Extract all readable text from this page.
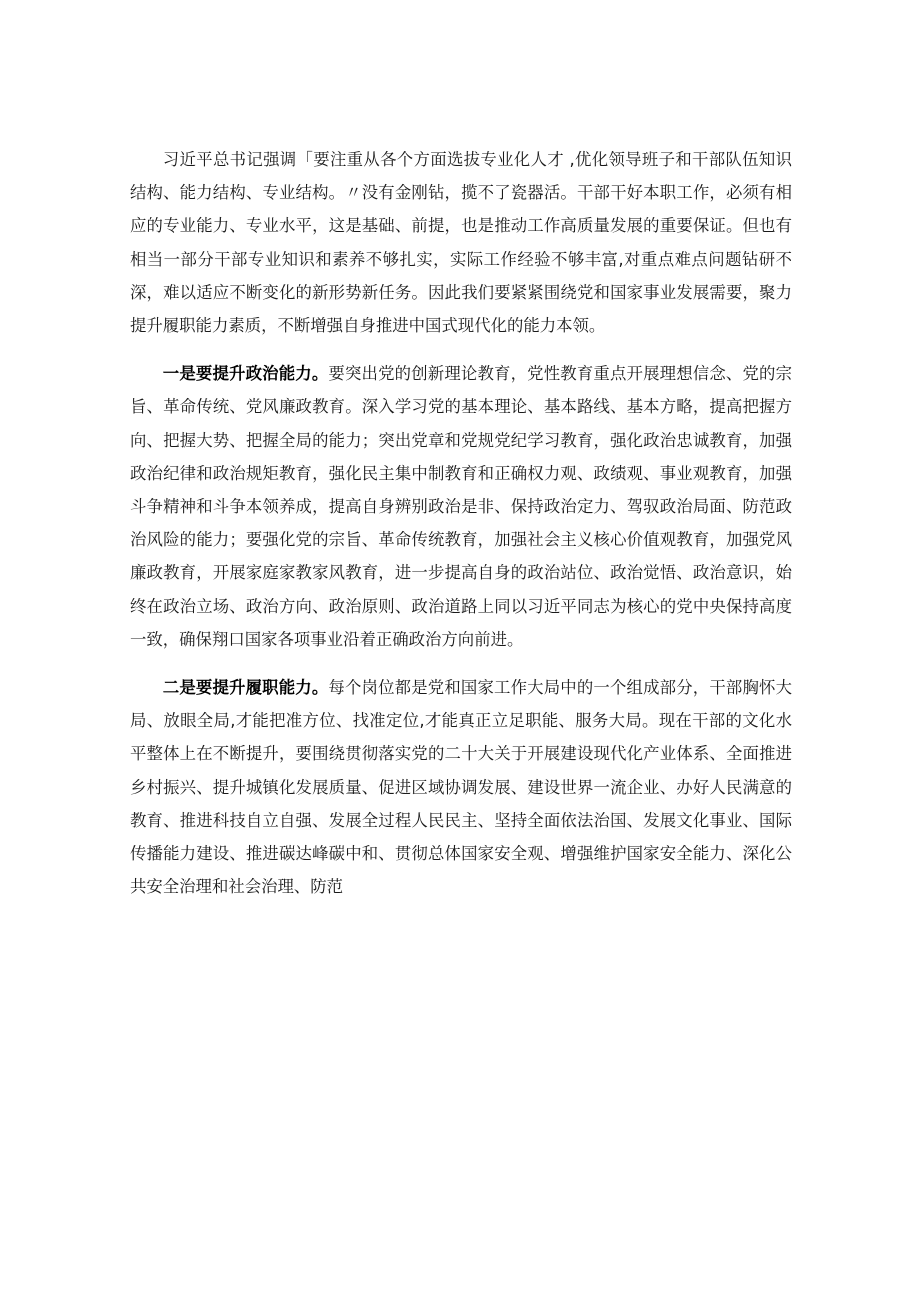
习近平总书记强调「要注重从各个方面选拔专业化人才 ,优化领导班子和干部队伍知识结构、能力结构、专业结构。〃没有金刚钻，揽不了瓷器活。干部干好本职工作，必须有相应的专业能力、专业水平，这是基础、前提，也是推动工作高质量发展的重要保证。但也有相当一部分干部专业知识和素养不够扎实，实际工作经验不够丰富,对重点难点问题钻研不深，难以适应不断变化的新形势新任务。因此我们要紧紧围绕党和国家事业发展需要，聚力提升履职能力素质，不断增强自身推进中国式现代化的能力本领。

一是要提升政治能力。要突出党的创新理论教育，党性教育重点开展理想信念、党的宗旨、革命传统、党风廉政教育。深入学习党的基本理论、基本路线、基本方略，提高把握方向、把握大势、把握全局的能力；突出党章和党规党纪学习教育，强化政治忠诚教育，加强政治纪律和政治规矩教育，强化民主集中制教育和正确权力观、政绩观、事业观教育，加强斗争精神和斗争本领养成，提高自身辨别政治是非、保持政治定力、驾驭政治局面、防范政治风险的能力；要强化党的宗旨、革命传统教育，加强社会主义核心价值观教育，加强党风廉政教育，开展家庭家教家风教育，进一步提高自身的政治站位、政治觉悟、政治意识，始终在政治立场、政治方向、政治原则、政治道路上同以习近平同志为核心的党中央保持高度一致，确保翔口国家各项事业沿着正确政治方向前进。

二是要提升履职能力。每个岗位都是党和国家工作大局中的一个组成部分，干部胸怀大局、放眼全局,才能把准方位、找准定位,才能真正立足职能、服务大局。现在干部的文化水平整体上在不断提升，要围绕贯彻落实党的二十大关于开展建设现代化产业体系、全面推进乡村振兴、提升城镇化发展质量、促进区域协调发展、建设世界一流企业、办好人民满意的教育、推进科技自立自强、发展全过程人民民主、坚持全面依法治国、发展文化事业、国际传播能力建设、推进碳达峰碳中和、贯彻总体国家安全观、增强维护国家安全能力、深化公共安全治理和社会治理、防范
